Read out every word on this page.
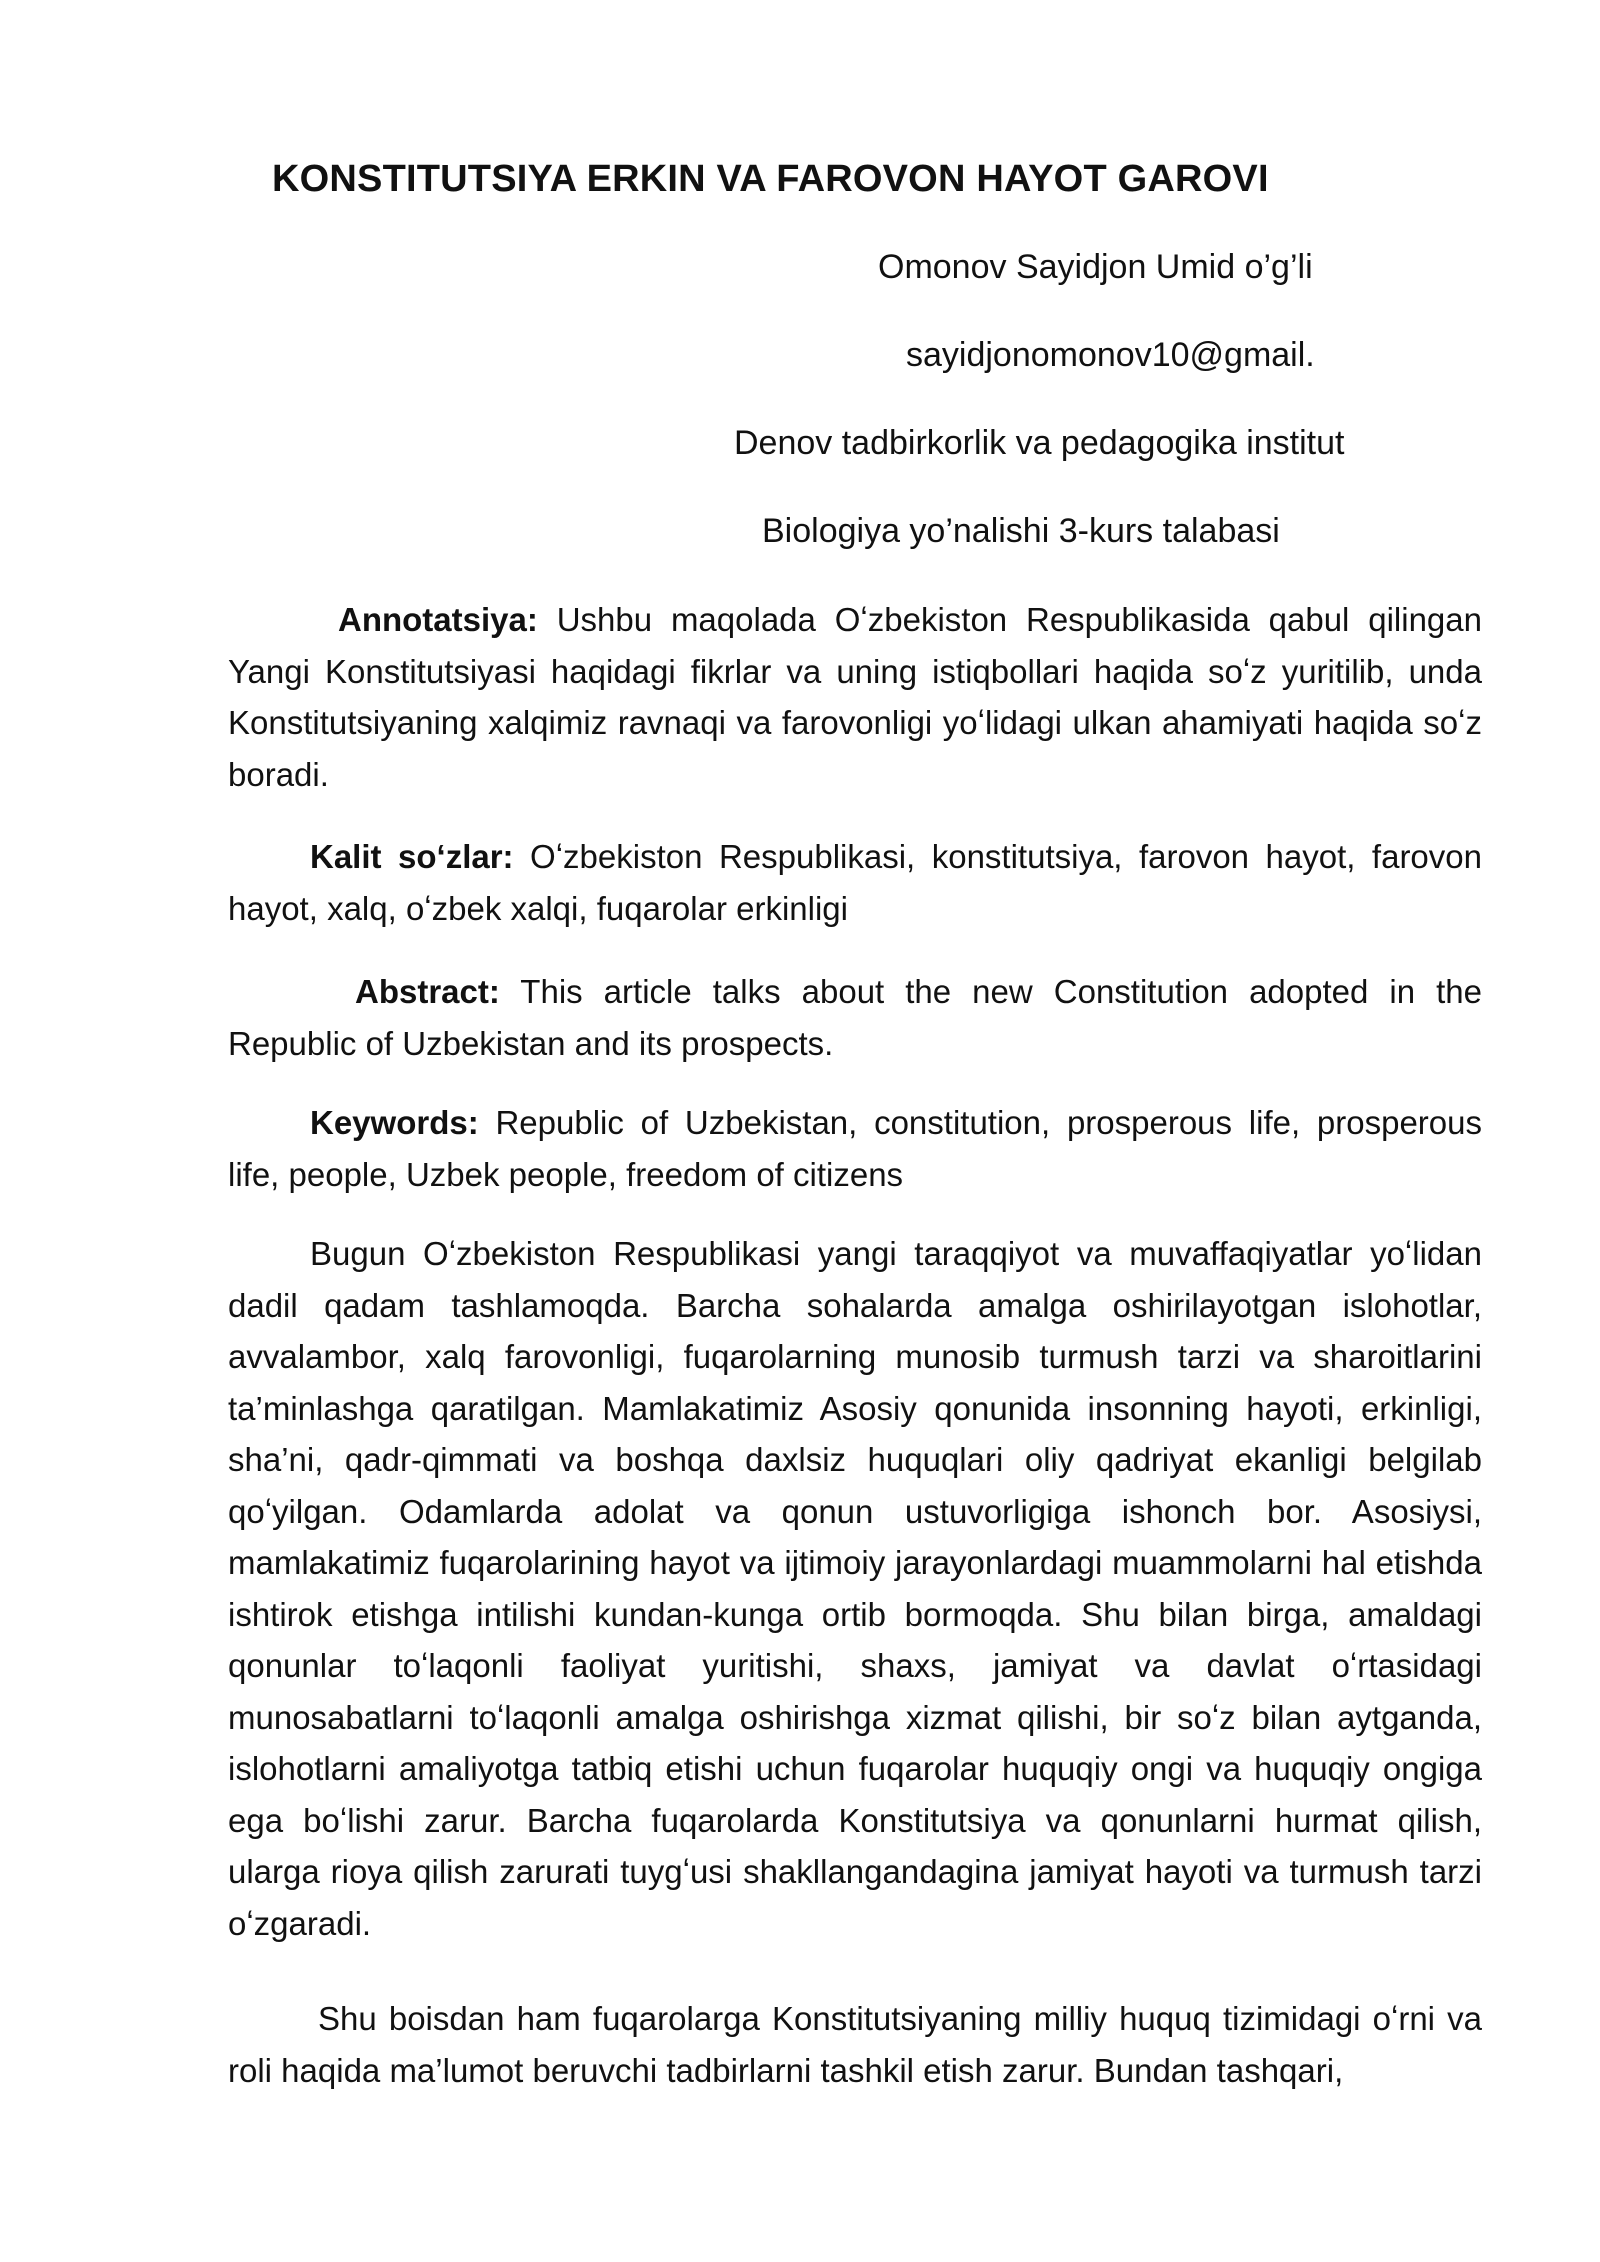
KONSTITUTSIYA ERKIN VA FAROVON HAYOT GAROVI
Omonov Sayidjon Umid o’g’li
sayidjonomonov10@gmail.
Denov tadbirkorlik va pedagogika institut
Biologiya yo’nalishi 3-kurs talabasi
Annotatsiya: Ushbu maqolada Oʻzbekiston Respublikasida qabul qilingan Yangi Konstitutsiyasi haqidagi fikrlar va uning istiqbollari haqida soʻz yuritilib, unda Konstitutsiyaning xalqimiz ravnaqi va farovonligi yoʻlidagi ulkan ahamiyati haqida soʻz boradi.
Kalit soʻzlar: Oʻzbekiston Respublikasi, konstitutsiya, farovon hayot, farovon hayot, xalq, oʻzbek xalqi, fuqarolar erkinligi
Abstract: This article talks about the new Constitution adopted in the Republic of Uzbekistan and its prospects.
Keywords: Republic of Uzbekistan, constitution, prosperous life, prosperous life, people, Uzbek people, freedom of citizens
Bugun Oʻzbekiston Respublikasi yangi taraqqiyot va muvaffaqiyatlar yoʻlidan dadil qadam tashlamoqda. Barcha sohalarda amalga oshirilayotgan islohotlar, avvalambor, xalq farovonligi, fuqarolarning munosib turmush tarzi va sharoitlarini ta’minlashga qaratilgan. Mamlakatimiz Asosiy qonunida insonning hayoti, erkinligi, sha’ni, qadr-qimmati va boshqa daxlsiz huquqlari oliy qadriyat ekanligi belgilab qoʻyilgan. Odamlarda adolat va qonun ustuvorligiga ishonch bor. Asosiysi, mamlakatimiz fuqarolarining hayot va ijtimoiy jarayonlardagi muammolarni hal etishda ishtirok etishga intilishi kundan-kunga ortib bormoqda. Shu bilan birga, amaldagi qonunlar toʻlaqonli faoliyat yuritishi, shaxs, jamiyat va davlat oʻrtasidagi munosabatlarni toʻlaqonli amalga oshirishga xizmat qilishi, bir soʻz bilan aytganda, islohotlarni amaliyotga tatbiq etishi uchun fuqarolar huquqiy ongi va huquqiy ongiga ega boʻlishi zarur. Barcha fuqarolarda Konstitutsiya va qonunlarni hurmat qilish, ularga rioya qilish zarurati tuygʻusi shakllangandagina jamiyat hayoti va turmush tarzi oʻzgaradi.
Shu boisdan ham fuqarolarga Konstitutsiyaning milliy huquq tizimidagi oʻrni va roli haqida ma’lumot beruvchi tadbirlarni tashkil etish zarur. Bundan tashqari,
